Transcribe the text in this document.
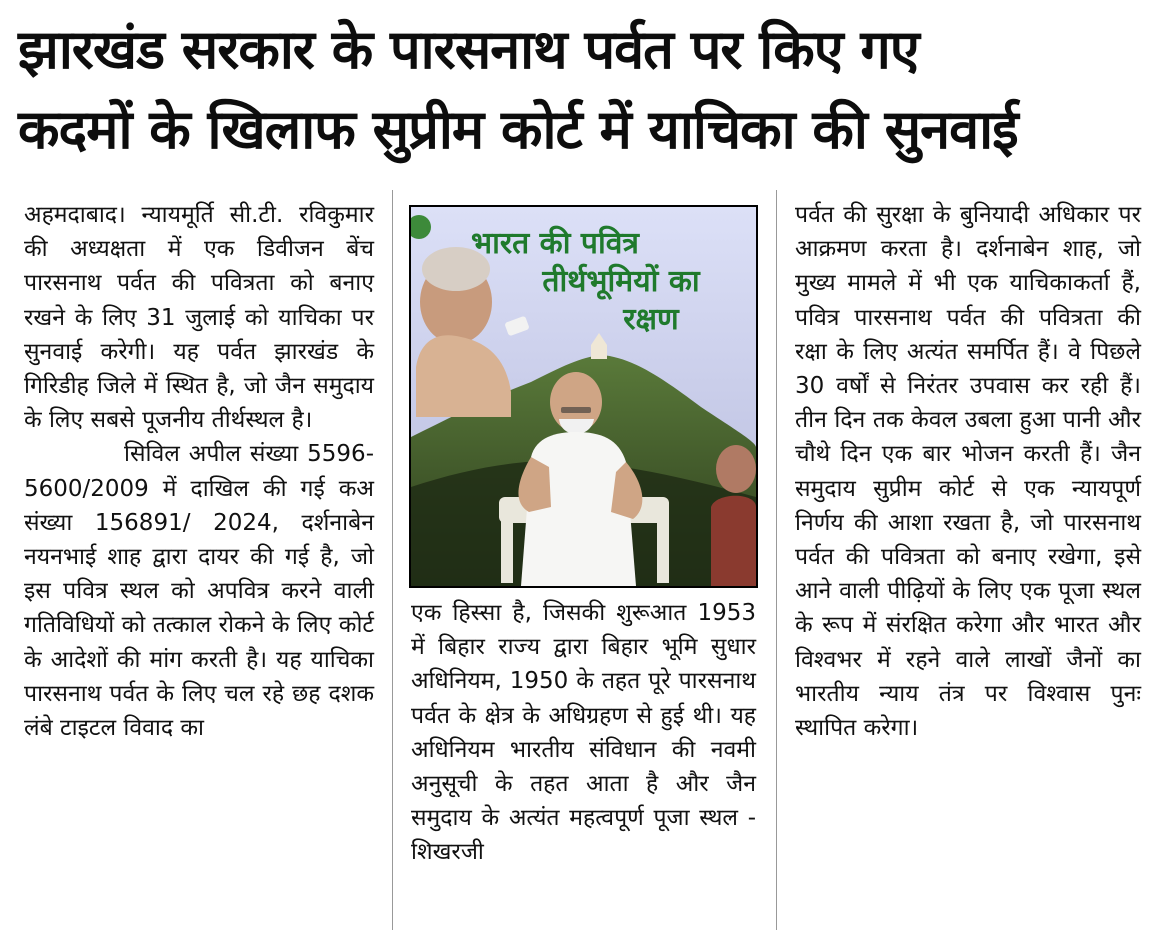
झारखंड सरकार के पारसनाथ पर्वत पर किए गए
कदमों के खिलाफ सुप्रीम कोर्ट में याचिका की सुनवाई

अहमदाबाद। न्यायमूर्ति सी.टी. रविकुमार की अध्यक्षता में एक डिवीजन बेंच पारसनाथ पर्वत की पवित्रता को बनाए रखने के लिए 31 जुलाई को याचिका पर सुनवाई करेगी। यह पर्वत झारखंड के गिरिडीह जिले में स्थित है, जो जैन समुदाय के लिए सबसे पूजनीय तीर्थस्थल है।

सिविल अपील संख्या 5596-5600/2009 में दाखिल की गई कअ संख्या 156891/ 2024, दर्शनाबेन नयनभाई शाह द्वारा दायर की गई है, जो इस पवित्र स्थल को अपवित्र करने वाली गतिविधियों को तत्काल रोकने के लिए कोर्ट के आदेशों की मांग करती है। यह याचिका पारसनाथ पर्वत के लिए चल रहे छह दशक लंबे टाइटल विवाद का

भारत की पवित्र
तीर्थभूमियों का
रक्षण

एक हिस्सा है, जिसकी शुरूआत 1953 में बिहार राज्य द्वारा बिहार भूमि सुधार अधिनियम, 1950 के तहत पूरे पारसनाथ पर्वत के क्षेत्र के अधिग्रहण से हुई थी। यह अधिनियम भारतीय संविधान की नवमी अनुसूची के तहत आता है और जैन समुदाय के अत्यंत महत्वपूर्ण पूजा स्थल - शिखरजी

पर्वत की सुरक्षा के बुनियादी अधिकार पर आक्रमण करता है। दर्शनाबेन शाह, जो मुख्य मामले में भी एक याचिकाकर्ता हैं, पवित्र पारसनाथ पर्वत की पवित्रता की रक्षा के लिए अत्यंत समर्पित हैं। वे पिछले 30 वर्षों से निरंतर उपवास कर रही हैं। तीन दिन तक केवल उबला हुआ पानी और चौथे दिन एक बार भोजन करती हैं। जैन समुदाय सुप्रीम कोर्ट से एक न्यायपूर्ण निर्णय की आशा रखता है, जो पारसनाथ पर्वत की पवित्रता को बनाए रखेगा, इसे आने वाली पीढ़ियों के लिए एक पूजा स्थल के रूप में संरक्षित करेगा और भारत और विश्वभर में रहने वाले लाखों जैनों का भारतीय न्याय तंत्र पर विश्वास पुनः स्थापित करेगा।
